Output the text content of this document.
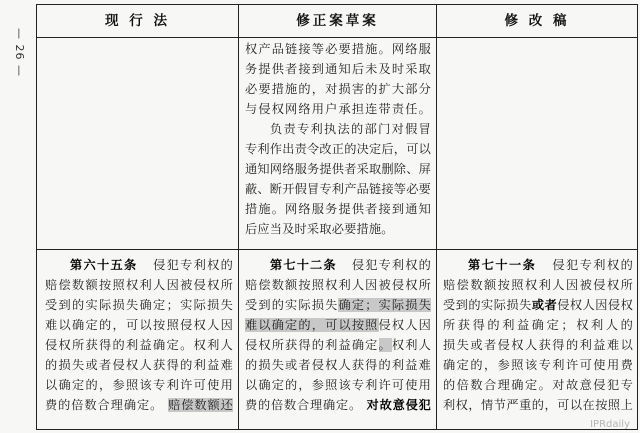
— 26 —
现 行 法	修正案草案	修 改 稿
权产品链接等必要措施。网络服
务提供者接到通知后未及时采取
必要措施的，对损害的扩大部分
与侵权网络用户承担连带责任。
负责专利执法的部门对假冒
专利作出责令改正的决定后，可以
通知网络服务提供者采取删除、屏
蔽、断开假冒专利产品链接等必要
措施。网络服务提供者接到通知
后应当及时采取必要措施。
第六十五条 侵犯专利权的
赔偿数额按照权利人因被侵权所
受到的实际损失确定；实际损失
难以确定的，可以按照侵权人因
侵权所获得的利益确定。权利人
的损失或者侵权人获得的利益难
以确定的，参照该专利许可使用
费的倍数合理确定。 赔偿数额还
第七十二条 侵犯专利权的
赔偿数额按照权利人因被侵权所
受到的实际损失确定；实际损失
难以确定的，可以按照侵权人因
侵权所获得的利益确定。权利人
的损失或者侵权人获得的利益难
以确定的，参照该专利许可使用
费的倍数合理确定。 对故意侵犯
第七十一条 侵犯专利权的
赔偿数额按照权利人因被侵权所
受到的实际损失或者侵权人因侵权
所获得的利益确定；权利人的
损失或者侵权人获得的利益难以
确定的，参照该专利许可使用费
的倍数合理确定。对故意侵犯专
利权，情节严重的，可以在按照上
IPRdaily
